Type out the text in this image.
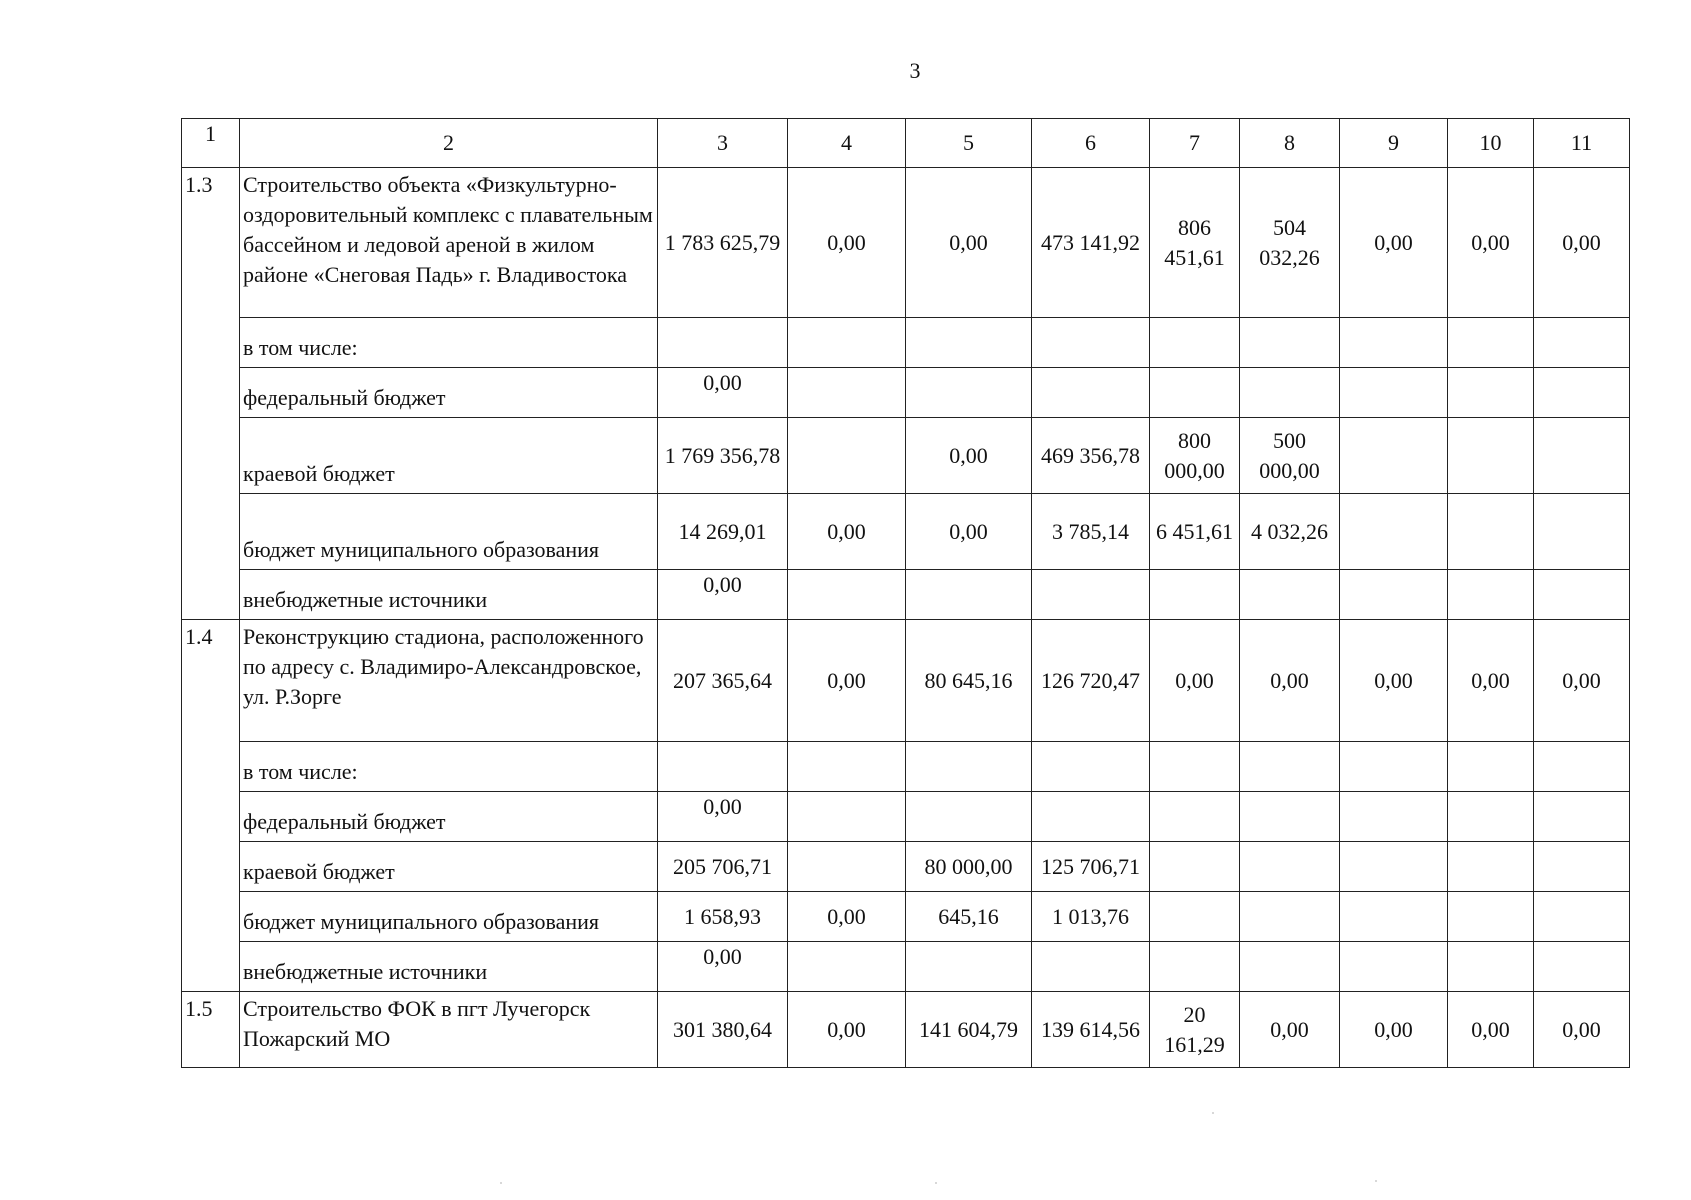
3
1	2	3	4	5	6	7	8	9	10	11
1.3	Строительство объекта «Физкультурно-оздоровительный комплекс с плавательным бассейном и ледовой ареной в жилом районе «Снеговая Падь» г. Владивостока	1 783 625,79	0,00	0,00	473 141,92	806 451,61	504 032,26	0,00	0,00	0,00
	в том числе:									
	федеральный бюджет	0,00								
	краевой бюджет	1 769 356,78		0,00	469 356,78	800 000,00	500 000,00			
	бюджет муниципального образования	14 269,01	0,00	0,00	3 785,14	6 451,61	4 032,26			
	внебюджетные источники	0,00								
1.4	Реконструкцию стадиона, расположенного по адресу с. Владимиро-Александровское, ул. Р.Зорге	207 365,64	0,00	80 645,16	126 720,47	0,00	0,00	0,00	0,00	0,00
	в том числе:									
	федеральный бюджет	0,00								
	краевой бюджет	205 706,71		80 000,00	125 706,71					
	бюджет муниципального образования	1 658,93	0,00	645,16	1 013,76					
	внебюджетные источники	0,00								
1.5	Строительство ФОК в пгт Лучегорск Пожарский МО	301 380,64	0,00	141 604,79	139 614,56	20 161,29	0,00	0,00	0,00	0,00
